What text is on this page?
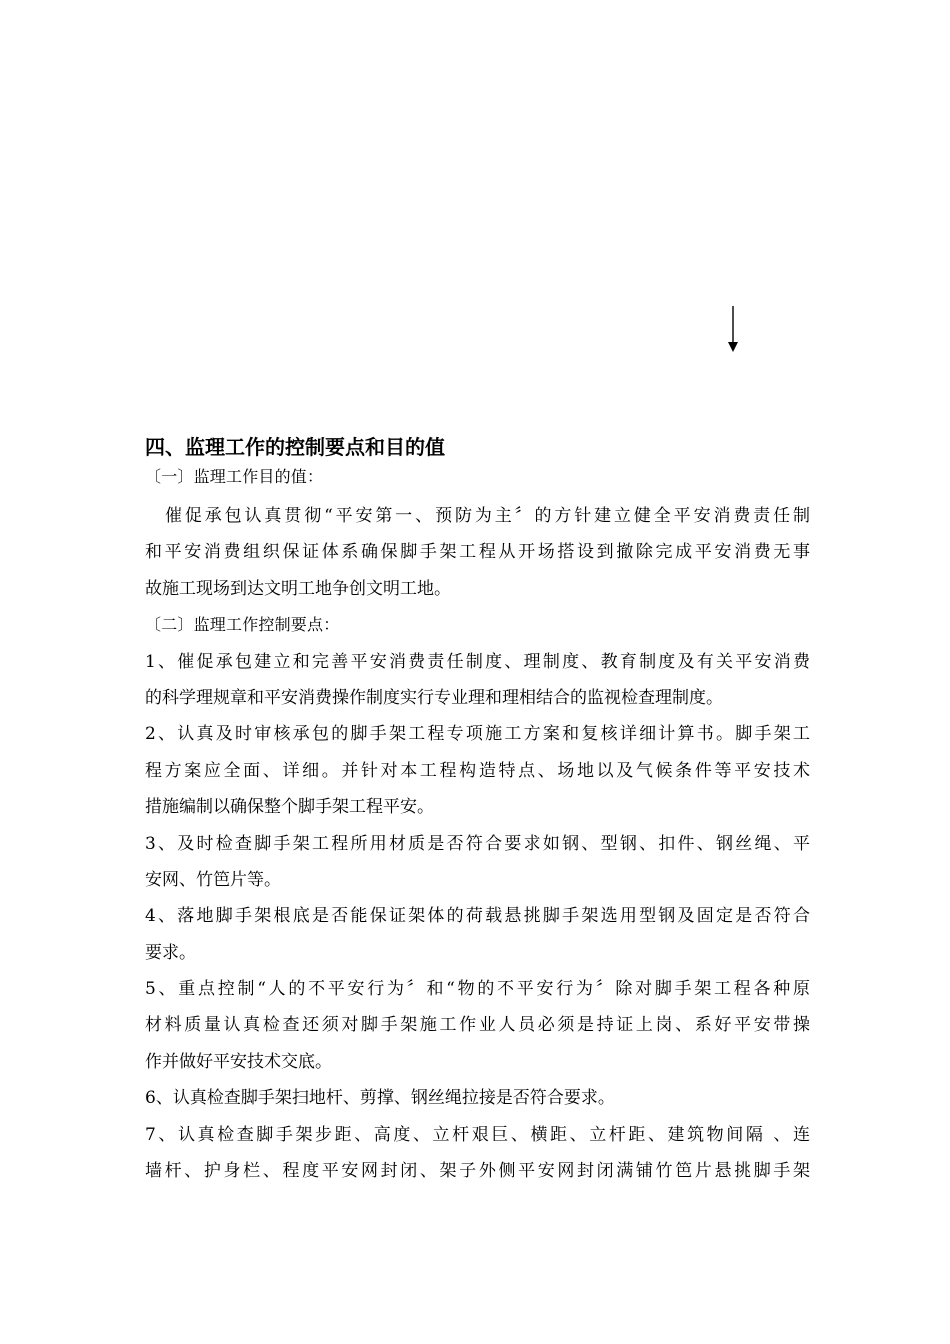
四、监理工作的控制要点和目的值

〔一〕监理工作目的值：

催促承包认真贯彻“平安第一、预防为主〞的方针建立健全平安消费责任制
和平安消费组织保证体系确保脚手架工程从开场搭设到撤除完成平安消费无事
故施工现场到达文明工地争创文明工地。

〔二〕监理工作控制要点：

1、催促承包建立和完善平安消费责任制度、理制度、教育制度及有关平安消费
的科学理规章和平安消费操作制度实行专业理和理相结合的监视检查理制度。
2、认真及时审核承包的脚手架工程专项施工方案和复核详细计算书。脚手架工
程方案应全面、详细。并针对本工程构造特点、场地以及气候条件等平安技术
措施编制以确保整个脚手架工程平安。
3、及时检查脚手架工程所用材质是否符合要求如钢、型钢、扣件、钢丝绳、平
安网、竹笆片等。
4、落地脚手架根底是否能保证架体的荷载悬挑脚手架选用型钢及固定是否符合
要求。
5、重点控制“人的不平安行为〞和“物的不平安行为〞除对脚手架工程各种原
材料质量认真检查还须对脚手架施工作业人员必须是持证上岗、系好平安带操
作并做好平安技术交底。
6、认真检查脚手架扫地杆、剪撑、钢丝绳拉接是否符合要求。
7、认真检查脚手架步距、高度、立杆艰巨、横距、立杆距、建筑物间隔 、连
墙杆、护身栏、程度平安网封闭、架子外侧平安网封闭满铺竹笆片悬挑脚手架
